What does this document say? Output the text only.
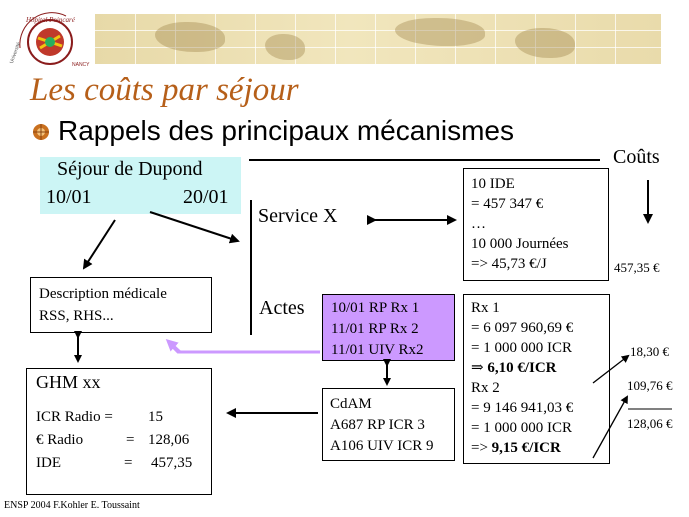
Hôpital Poincaré
Université
NANCY
Les coûts par séjour
Rappels des principaux mécanismes
Séjour de Dupond
10/01	20/01
Coûts
Service X
Actes
Description médicale
RSS, RHS...
10 IDE
= 457 347 €
…
10 000 Journées
=> 45,73 €/J	457,35 €
10/01 RP Rx 1
11/01 RP Rx 2
11/01 UIV Rx2
Rx 1
= 6 097 960,69 €
= 1 000 000 ICR
⇒ 6,10 €/ICR
Rx 2
= 9 146 941,03 €
= 1 000 000 ICR
=> 9,15 €/ICR
18,30 €
109,76 €
128,06 €
CdAM
A687 RP ICR 3
A106 UIV ICR 9
GHM xx
ICR Radio = 15
€ Radio	= 128,06
IDE	= 457,35
ENSP 2004 F.Kohler E. Toussaint
